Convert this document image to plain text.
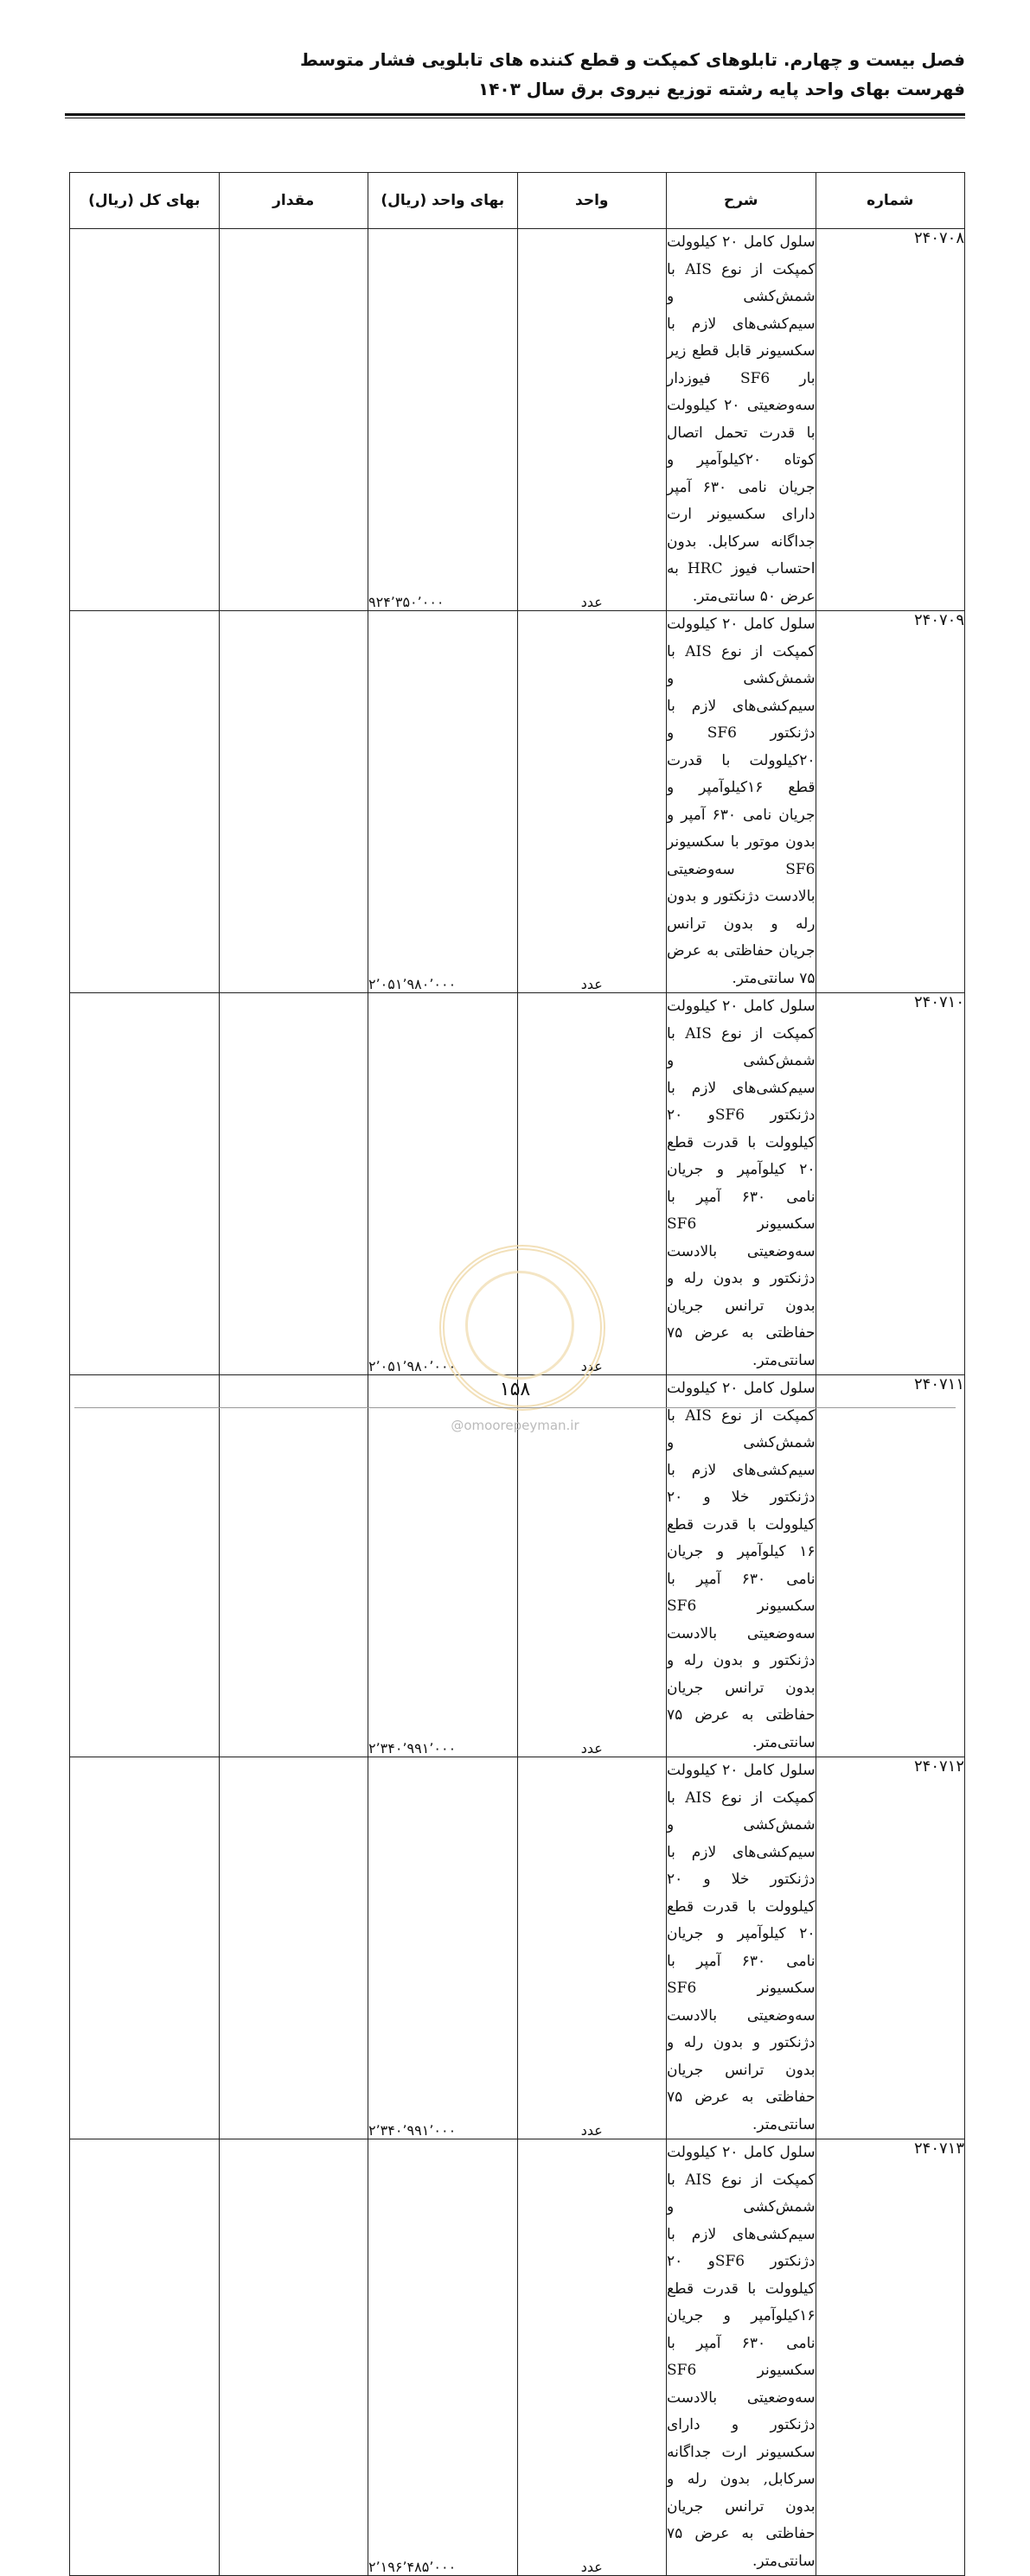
فصل بیست و چهارم. تابلوهای کمپکت و قطع کننده های تابلویی فشار متوسط
فهرست بهای واحد پایه رشته توزیع نیروی برق سال ۱۴۰۳
شماره	شرح	واحد	بهای واحد (ریال)	مقدار	بهای کل (ریال)
۲۴۰۷۰۸	سلول کامل ۲۰ کیلوولت کمپکت از نوع AIS با شمش‌کشی و سیم‌کشی‌های لازم با سکسیونر قابل قطع زیر بار SF6 فیوزدار سه‌وضعیتی ۲۰ کیلوولت با قدرت تحمل اتصال کوتاه ۲۰کیلوآمپر و جریان نامی ۶۳۰ آمپر دارای سکسیونر ارت جداگانه سرکابل. بدون احتساب فیوز HRC به عرض ۵۰ سانتی‌متر.	عدد	۹۲۴٬۳۵۰٬۰۰۰		
۲۴۰۷۰۹	سلول کامل ۲۰ کیلوولت کمپکت از نوع AIS با شمش‌کشی و سیم‌کشی‌های لازم با دژنکتور SF6 و ۲۰کیلوولت با قدرت قطع ۱۶کیلوآمپر و جریان نامی ۶۳۰ آمپر و بدون موتور با سکسیونر SF6 سه‌وضعیتی بالادست دژنکتور و بدون رله و بدون ترانس جریان حفاظتی به عرض ۷۵ سانتی‌متر.	عدد	۲٬۰۵۱٬۹۸۰٬۰۰۰		
۲۴۰۷۱۰	سلول کامل ۲۰ کیلوولت کمپکت از نوع AIS با شمش‌کشی و سیم‌کشی‌های لازم با دژنکتور SF6و ۲۰ کیلوولت با قدرت قطع ۲۰ کیلوآمپر و جریان نامی ۶۳۰ آمپر با سکسیونر SF6 سه‌وضعیتی بالادست دژنکتور و بدون رله و بدون ترانس جریان حفاظتی به عرض ۷۵ سانتی‌متر.	عدد	۲٬۰۵۱٬۹۸۰٬۰۰۰		
۲۴۰۷۱۱	سلول کامل ۲۰ کیلوولت کمپکت از نوع AIS با شمش‌کشی و سیم‌کشی‌های لازم با دژنکتور خلا و ۲۰ کیلوولت با قدرت قطع ۱۶ کیلوآمپر و جریان نامی ۶۳۰ آمپر با سکسیونر SF6 سه‌وضعیتی بالادست دژنکتور و بدون رله و بدون ترانس جریان حفاظتی به عرض ۷۵ سانتی‌متر.	عدد	۲٬۳۴۰٬۹۹۱٬۰۰۰		
۲۴۰۷۱۲	سلول کامل ۲۰ کیلوولت کمپکت از نوع AIS با شمش‌کشی و سیم‌کشی‌های لازم با دژنکتور خلا و ۲۰ کیلوولت با قدرت قطع ۲۰ کیلوآمپر و جریان نامی ۶۳۰ آمپر با سکسیونر SF6 سه‌وضعیتی بالادست دژنکتور و بدون رله و بدون ترانس جریان حفاظتی به عرض ۷۵ سانتی‌متر.	عدد	۲٬۳۴۰٬۹۹۱٬۰۰۰		
۲۴۰۷۱۳	سلول کامل ۲۰ کیلوولت کمپکت از نوع AIS با شمش‌کشی و سیم‌کشی‌های لازم با دژنکتور SF6و ۲۰ کیلوولت با قدرت قطع ۱۶کیلوآمپر و جریان نامی ۶۳۰ آمپر با سکسیونر SF6 سه‌وضعیتی بالادست دژنکتور و دارای سکسیونر ارت جداگانه سرکابل, بدون رله و بدون ترانس جریان حفاظتی به عرض ۷۵ سانتی‌متر.	عدد	۲٬۱۹۶٬۴۸۵٬۰۰۰		
۱۵۸
@omoorepeyman.ir
